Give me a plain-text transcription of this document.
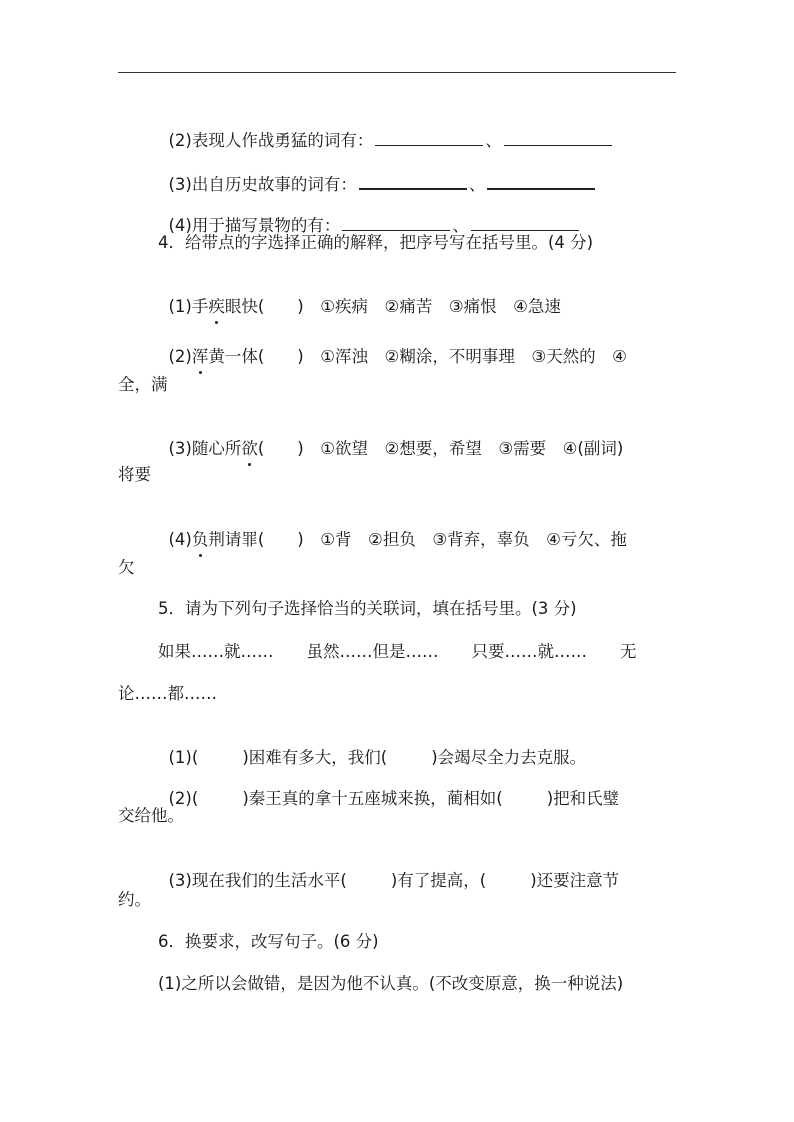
(2)表现人作战勇猛的词有：	、

(3)出自历史故事的词有：	、

(4)用于描写景物的有：	、

4．给带点的字选择正确的解释，把序号写在括号里。(4 分)

(1)手疾眼快(　　)　①疾病　②痛苦　③痛恨　④急速

(2)浑黄一体(　　)　①浑浊　②糊涂，不明事理　③天然的　④

全，满

(3)随心所欲(　　)　①欲望　②想要，希望　③需要　④(副词)

将要

(4)负荆请罪(　　)　①背　②担负　③背弃，辜负　④亏欠、拖

欠
5．请为下列句子选择恰当的关联词，填在括号里。(3 分)
如果……就……　　虽然……但是……　　只要……就……　　无
论……都……

(1)(	)困难有多大，我们(	)会竭尽全力去克服。

(2)(	)秦王真的拿十五座城来换，蔺相如(	)把和氏璧

交给他。

(3)现在我们的生活水平(	)有了提高，(	)还要注意节

约。
6．换要求，改写句子。(6 分)
(1)之所以会做错，是因为他不认真。(不改变原意，换一种说法)
